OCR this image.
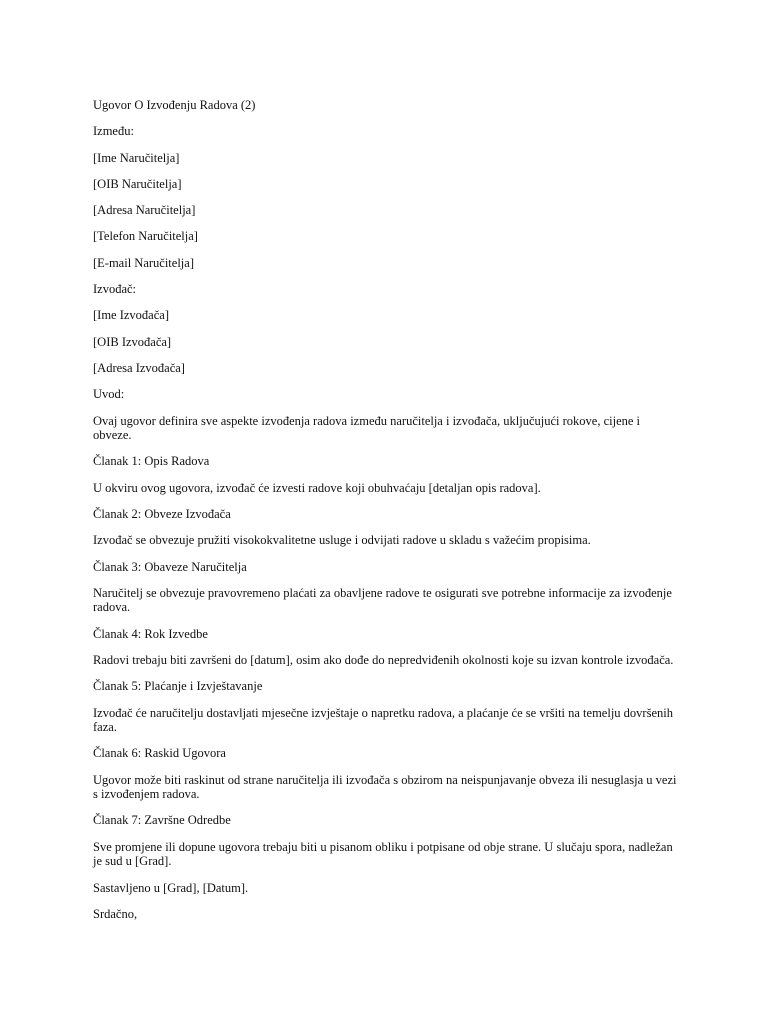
Ugovor O Izvođenju Radova (2)

Između:

[Ime Naručitelja]

[OIB Naručitelja]

[Adresa Naručitelja]

[Telefon Naručitelja]

[E-mail Naručitelja]

Izvođač:

[Ime Izvođača]

[OIB Izvođača]

[Adresa Izvođača]

Uvod:

Ovaj ugovor definira sve aspekte izvođenja radova između naručitelja i izvođača, uključujući rokove, cijene i obveze.

Članak 1: Opis Radova

U okviru ovog ugovora, izvođač će izvesti radove koji obuhvaćaju [detaljan opis radova].

Članak 2: Obveze Izvođača

Izvođač se obvezuje pružiti visokokvalitetne usluge i odvijati radove u skladu s važećim propisima.

Članak 3: Obaveze Naručitelja

Naručitelj se obvezuje pravovremeno plaćati za obavljene radove te osigurati sve potrebne informacije za izvođenje radova.

Članak 4: Rok Izvedbe

Radovi trebaju biti završeni do [datum], osim ako dođe do nepredviđenih okolnosti koje su izvan kontrole izvođača.

Članak 5: Plaćanje i Izvještavanje

Izvođač će naručitelju dostavljati mjesečne izvještaje o napretku radova, a plaćanje će se vršiti na temelju dovršenih faza.

Članak 6: Raskid Ugovora

Ugovor može biti raskinut od strane naručitelja ili izvođača s obzirom na neispunjavanje obveza ili nesuglasja u vezi s izvođenjem radova.

Članak 7: Završne Odredbe

Sve promjene ili dopune ugovora trebaju biti u pisanom obliku i potpisane od obje strane. U slučaju spora, nadležan je sud u [Grad].

Sastavljeno u [Grad], [Datum].

Srdačno,
